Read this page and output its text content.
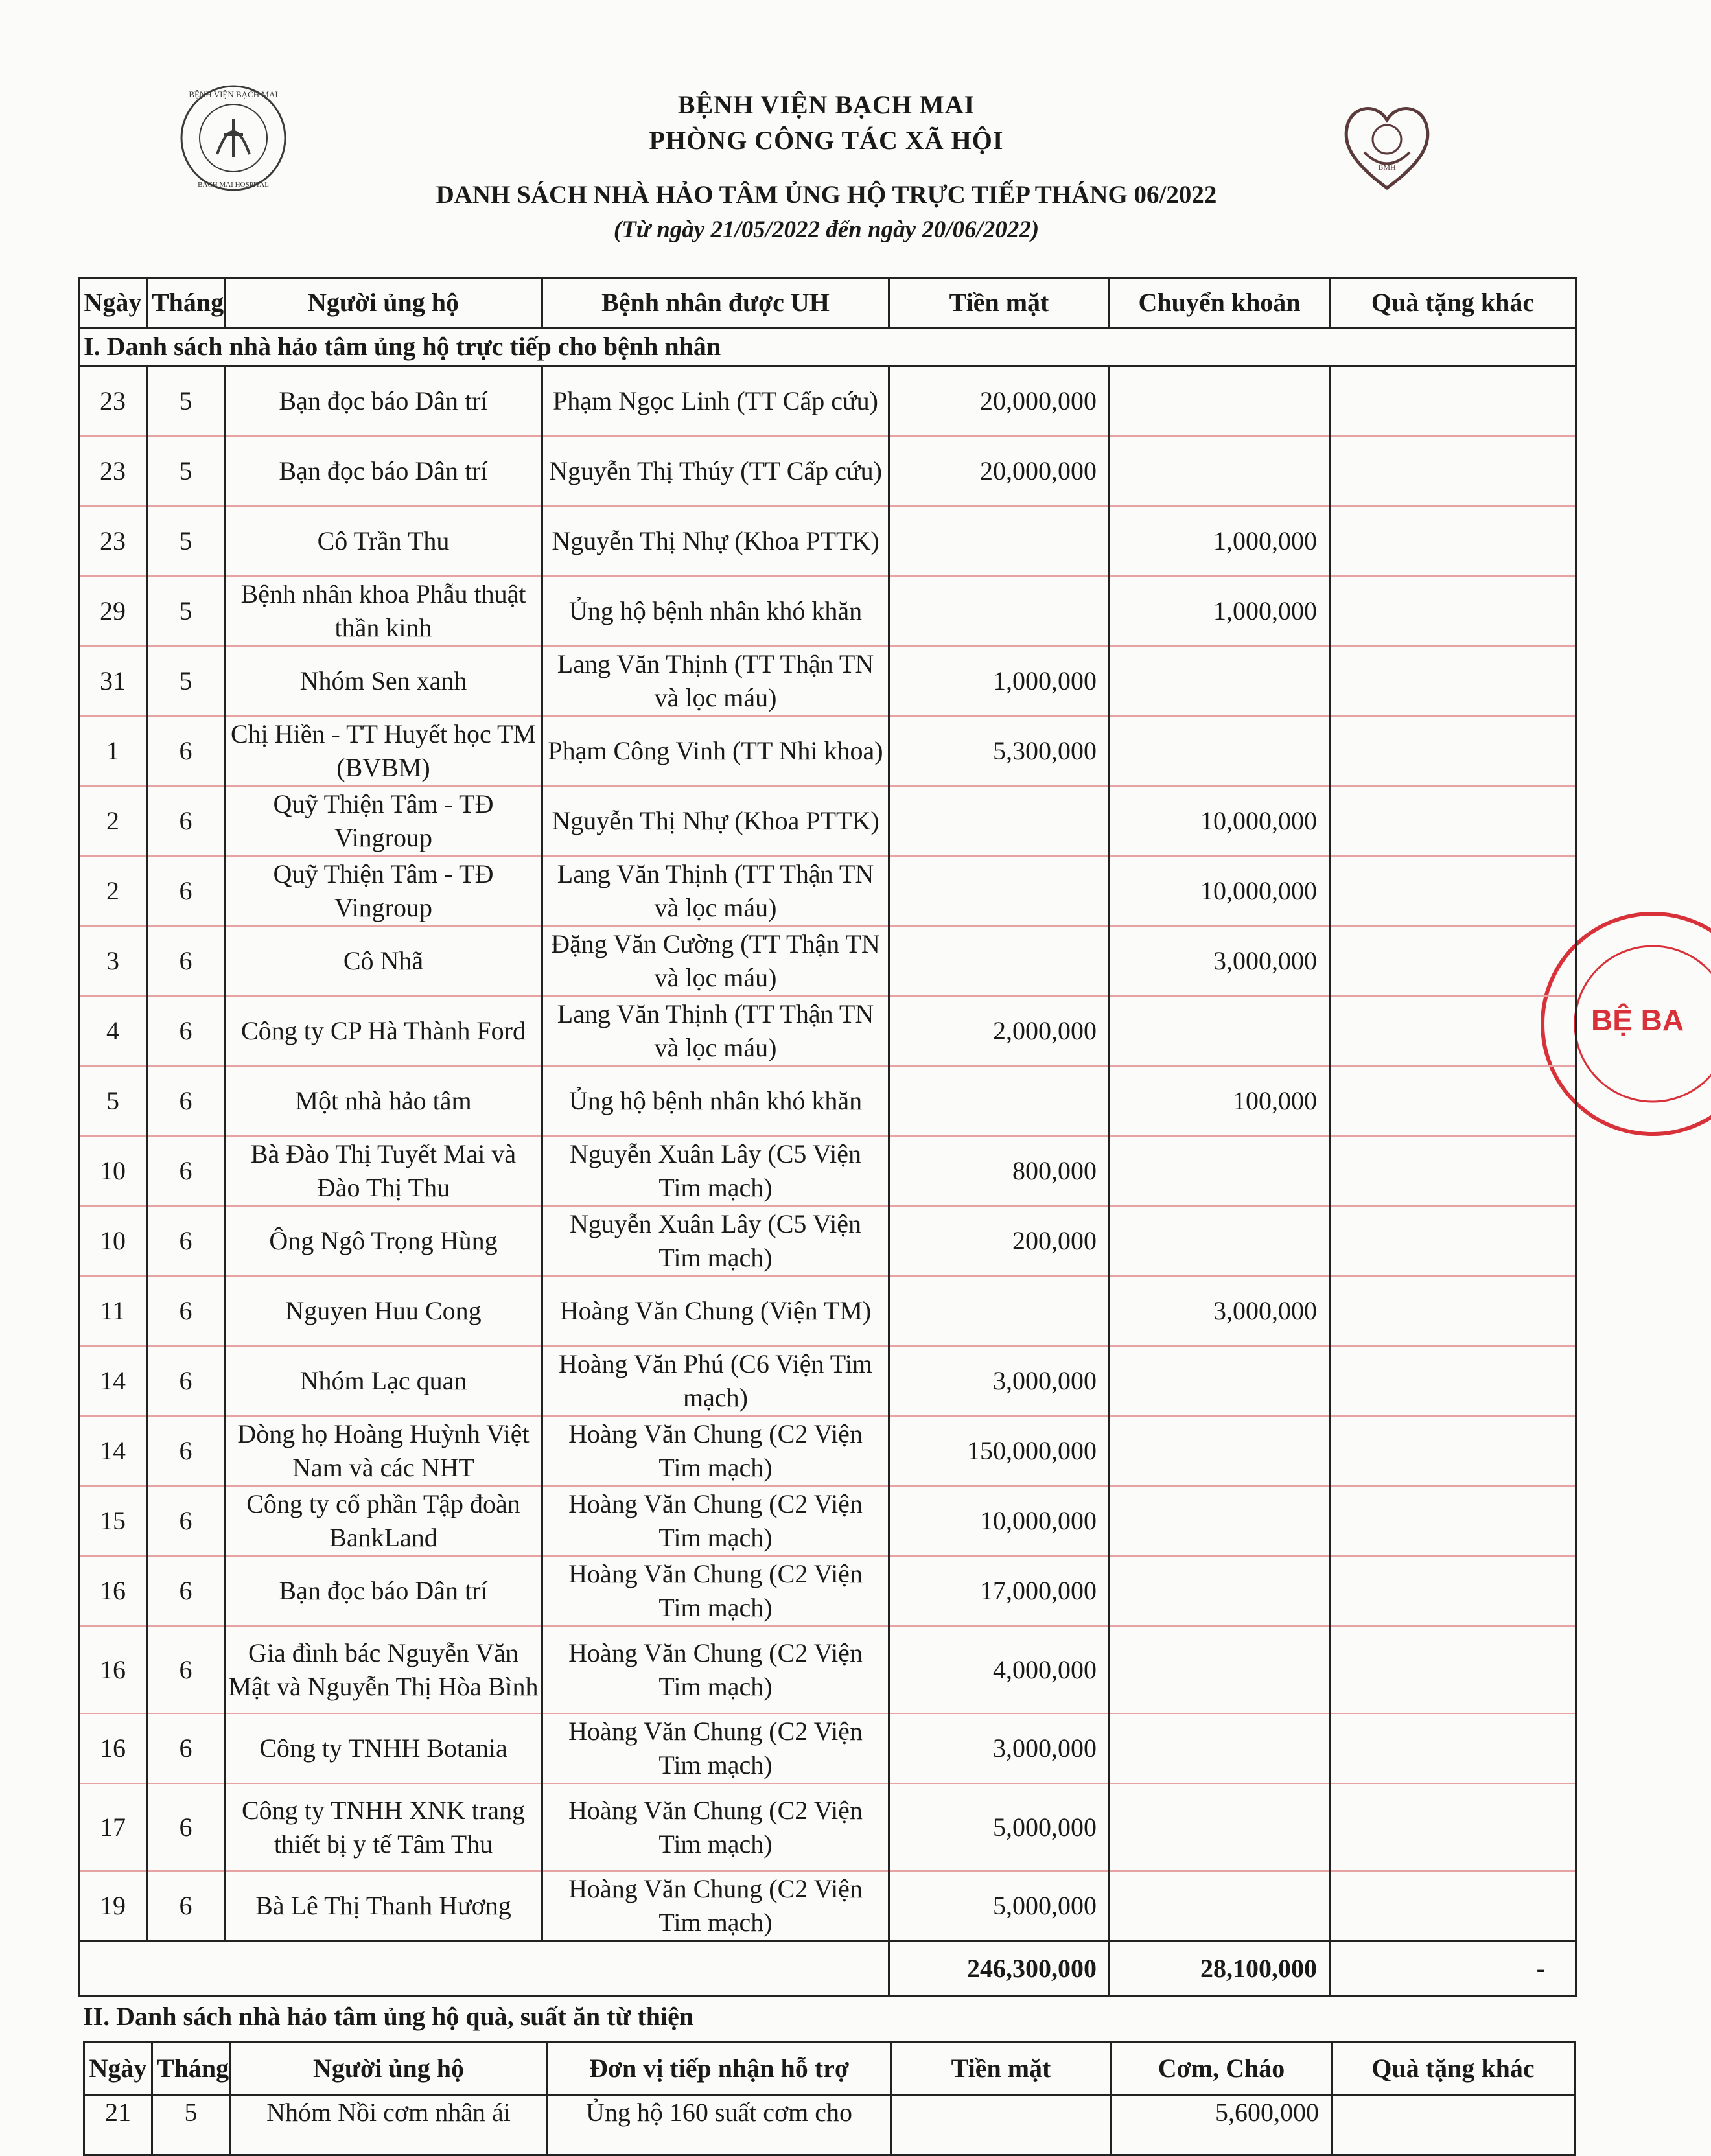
BỆNH VIỆN BẠCH MAI
BACH MAI HOSPITAL
BMH
BỆ BA
BỆNH VIỆN BẠCH MAI
PHÒNG CÔNG TÁC XÃ HỘI
DANH SÁCH NHÀ HẢO TÂM ỦNG HỘ TRỰC TIẾP THÁNG 06/2022
(Từ ngày 21/05/2022 đến ngày 20/06/2022)
Ngày	Tháng	Người ủng hộ	Bệnh nhân được UH	Tiền mặt	Chuyển khoản	Quà tặng khác
I. Danh sách nhà hảo tâm ủng hộ trực tiếp cho bệnh nhân						
23	5	Bạn đọc báo Dân trí	Phạm Ngọc Linh (TT Cấp cứu)	20,000,000		
23	5	Bạn đọc báo Dân trí	Nguyễn Thị Thúy (TT Cấp cứu)	20,000,000		
23	5	Cô Trần Thu	Nguyễn Thị Nhự (Khoa PTTK)		1,000,000	
29	5	Bệnh nhân khoa Phẫu thuật thần kinh	Ủng hộ bệnh nhân khó khăn		1,000,000	
31	5	Nhóm Sen xanh	Lang Văn Thịnh (TT Thận TN và lọc máu)	1,000,000		
1	6	Chị Hiền - TT Huyết học TM (BVBM)	Phạm Công Vinh (TT Nhi khoa)	5,300,000		
2	6	Quỹ Thiện Tâm - TĐ Vingroup	Nguyễn Thị Nhự (Khoa PTTK)		10,000,000	
2	6	Quỹ Thiện Tâm - TĐ Vingroup	Lang Văn Thịnh (TT Thận TN và lọc máu)		10,000,000	
3	6	Cô Nhã	Đặng Văn Cường (TT Thận TN và lọc máu)		3,000,000	
4	6	Công ty CP Hà Thành Ford	Lang Văn Thịnh (TT Thận TN và lọc máu)	2,000,000		
5	6	Một nhà hảo tâm	Ủng hộ bệnh nhân khó khăn		100,000	
10	6	Bà Đào Thị Tuyết Mai và Đào Thị Thu	Nguyễn Xuân Lây (C5 Viện Tim mạch)	800,000		
10	6	Ông Ngô Trọng Hùng	Nguyễn Xuân Lây (C5 Viện Tim mạch)	200,000		
11	6	Nguyen Huu Cong	Hoàng Văn Chung (Viện TM)		3,000,000	
14	6	Nhóm Lạc quan	Hoàng Văn Phú (C6 Viện Tim mạch)	3,000,000		
14	6	Dòng họ Hoàng Huỳnh Việt Nam và các NHT	Hoàng Văn Chung (C2 Viện Tim mạch)	150,000,000		
15	6	Công ty cổ phần Tập đoàn BankLand	Hoàng Văn Chung (C2 Viện Tim mạch)	10,000,000		
16	6	Bạn đọc báo Dân trí	Hoàng Văn Chung (C2 Viện Tim mạch)	17,000,000		
16	6	Gia đình bác Nguyễn Văn Mật và Nguyễn Thị Hòa Bình	Hoàng Văn Chung (C2 Viện Tim mạch)	4,000,000		
16	6	Công ty TNHH Botania	Hoàng Văn Chung (C2 Viện Tim mạch)	3,000,000		
17	6	Công ty TNHH XNK trang thiết bị y tế Tâm Thu	Hoàng Văn Chung (C2 Viện Tim mạch)	5,000,000		
19	6	Bà Lê Thị Thanh Hương	Hoàng Văn Chung (C2 Viện Tim mạch)	5,000,000		
				246,300,000	28,100,000	-
II. Danh sách nhà hảo tâm ủng hộ quà, suất ăn từ thiện
Ngày	Tháng	Người ủng hộ	Đơn vị tiếp nhận hỗ trợ	Tiền mặt	Cơm, Cháo	Quà tặng khác
21	5	Nhóm Nồi cơm nhân ái	Ủng hộ 160 suất cơm cho		5,600,000	
